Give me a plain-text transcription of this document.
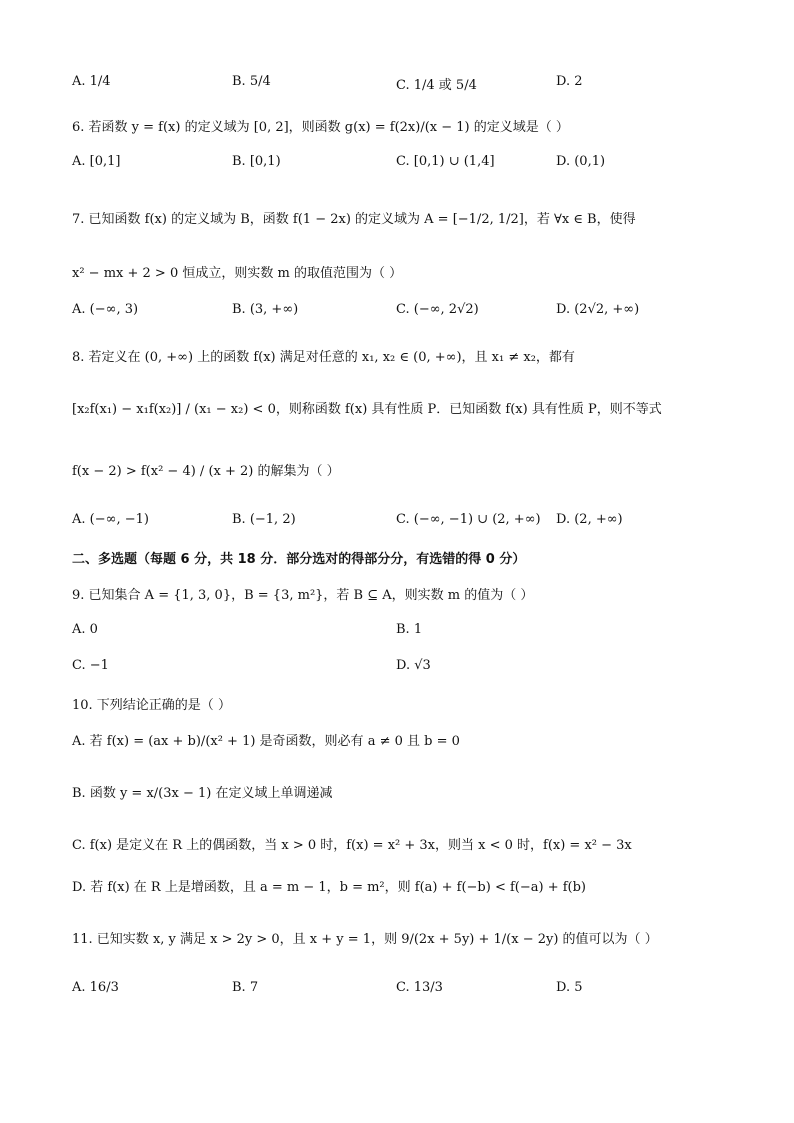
A. 1/4	B. 5/4	C. 1/4 或 5/4	D. 2
6. 若函数 y = f(x) 的定义域为 [0, 2]，则函数 g(x) = f(2x)/(x − 1) 的定义域是（ ）
A. [0,1]	B. [0,1)	C. [0,1) ∪ (1,4]	D. (0,1)
7. 已知函数 f(x) 的定义域为 B，函数 f(1 − 2x) 的定义域为 A = [−1/2, 1/2]，若 ∀x ∈ B，使得
x² − mx + 2 > 0 恒成立，则实数 m 的取值范围为（ ）
A. (−∞, 3)	B. (3, +∞)	C. (−∞, 2√2)	D. (2√2, +∞)
8. 若定义在 (0, +∞) 上的函数 f(x) 满足对任意的 x₁, x₂ ∈ (0, +∞)，且 x₁ ≠ x₂，都有
[x₂f(x₁) − x₁f(x₂)] / (x₁ − x₂) < 0，则称函数 f(x) 具有性质 P．已知函数 f(x) 具有性质 P，则不等式
f(x − 2) > f(x² − 4) / (x + 2) 的解集为（ ）
A. (−∞, −1)	B. (−1, 2)	C. (−∞, −1) ∪ (2, +∞) D. (2, +∞)
二、多选题（每题 6 分，共 18 分．部分选对的得部分分，有选错的得 0 分）
9. 已知集合 A = {1, 3, 0}，B = {3, m²}，若 B ⊆ A，则实数 m 的值为（ ）
A. 0	B. 1
C. −1	D. √3
10. 下列结论正确的是（ ）
A. 若 f(x) = (ax + b)/(x² + 1) 是奇函数，则必有 a ≠ 0 且 b = 0
B. 函数 y = x/(3x − 1) 在定义域上单调递减
C. f(x) 是定义在 R 上的偶函数，当 x > 0 时，f(x) = x² + 3x，则当 x < 0 时，f(x) = x² − 3x
D. 若 f(x) 在 R 上是增函数，且 a = m − 1，b = m²，则 f(a) + f(−b) < f(−a) + f(b)
11. 已知实数 x, y 满足 x > 2y > 0，且 x + y = 1，则 9/(2x + 5y) + 1/(x − 2y) 的值可以为（ ）
A. 16/3	B. 7	C. 13/3	D. 5
